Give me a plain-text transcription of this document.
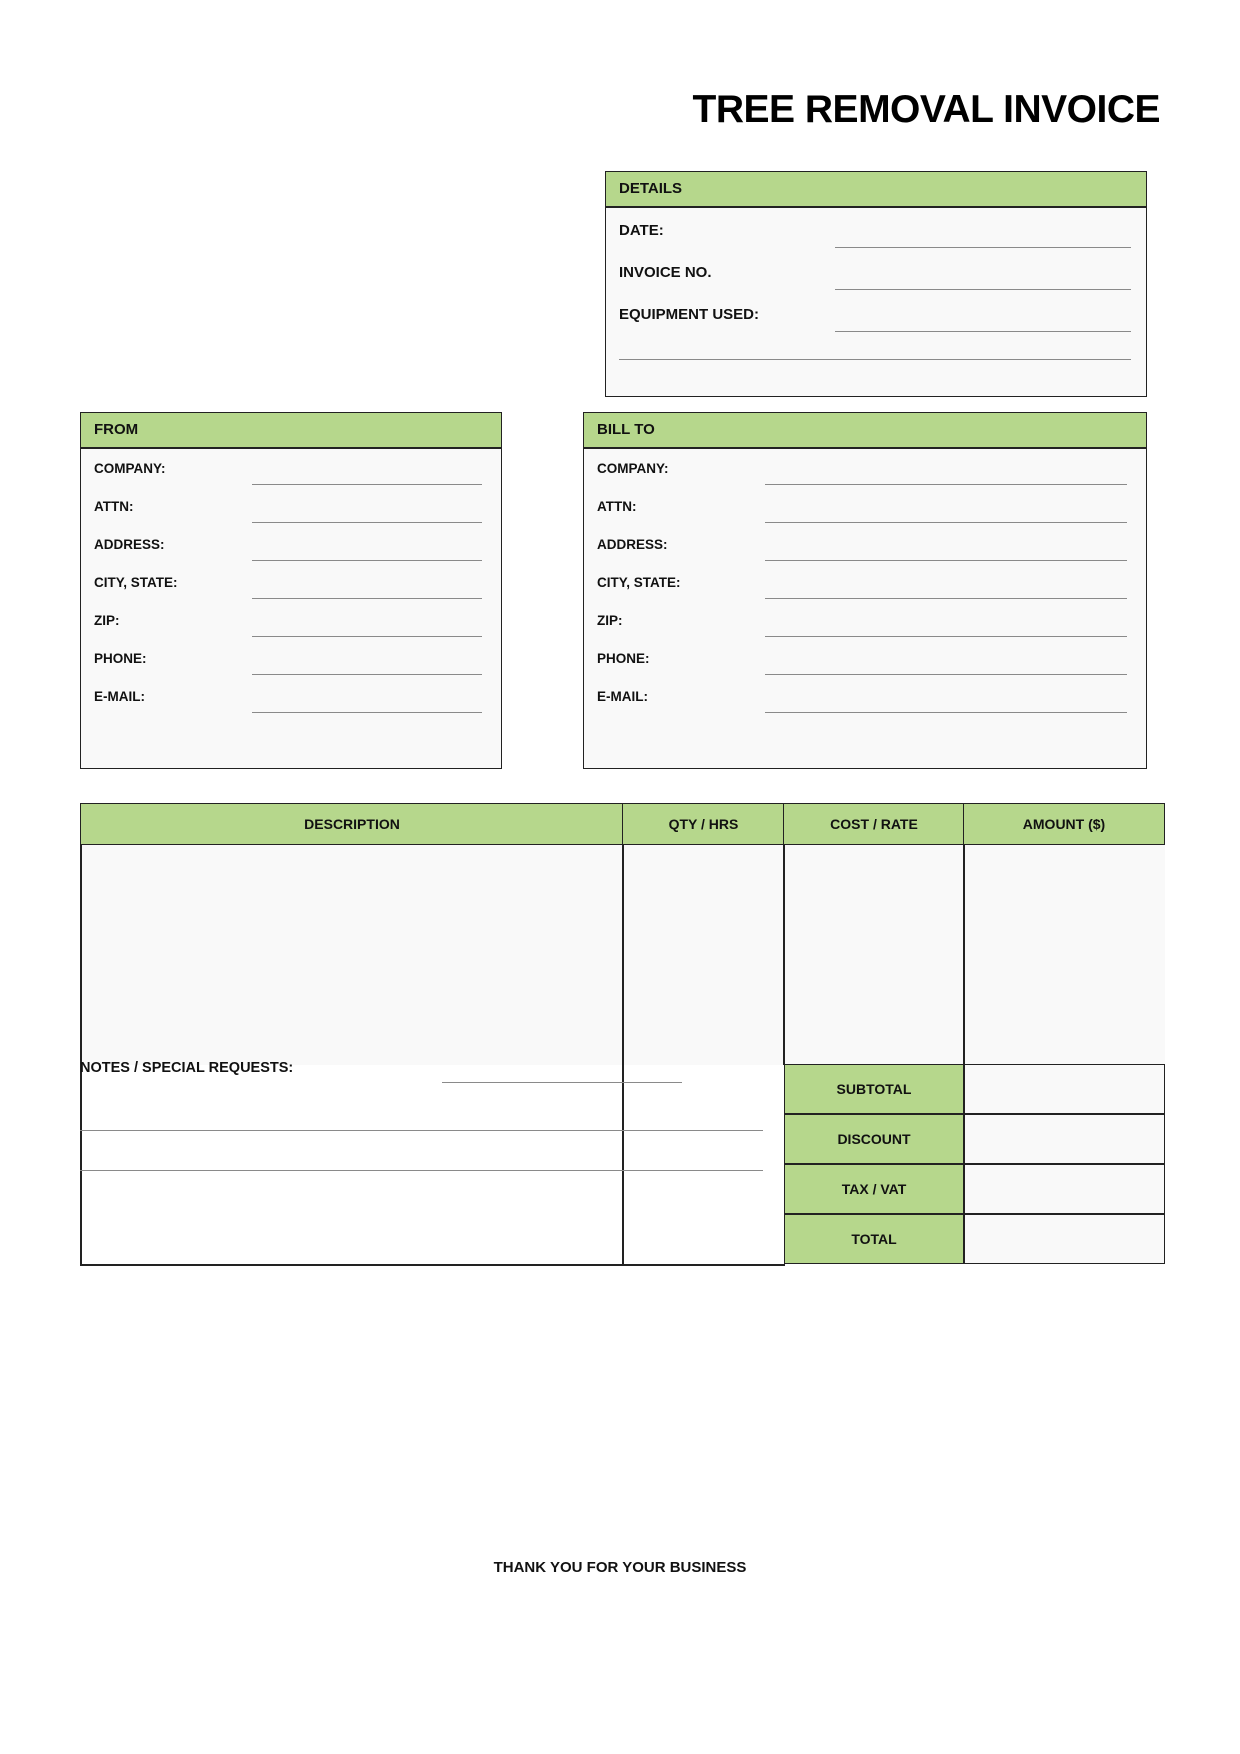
TREE REMOVAL INVOICE
DETAILS
DATE:
INVOICE NO.
EQUIPMENT USED:
FROM
COMPANY:
ATTN:
ADDRESS:
CITY, STATE:
ZIP:
PHONE:
E-MAIL:
BILL TO
COMPANY:
ATTN:
ADDRESS:
CITY, STATE:
ZIP:
PHONE:
E-MAIL:
DESCRIPTION	QTY / HRS	COST / RATE	AMOUNT ($)
NOTES / SPECIAL REQUESTS:
SUBTOTAL
DISCOUNT
TAX / VAT
TOTAL
THANK YOU FOR YOUR BUSINESS
